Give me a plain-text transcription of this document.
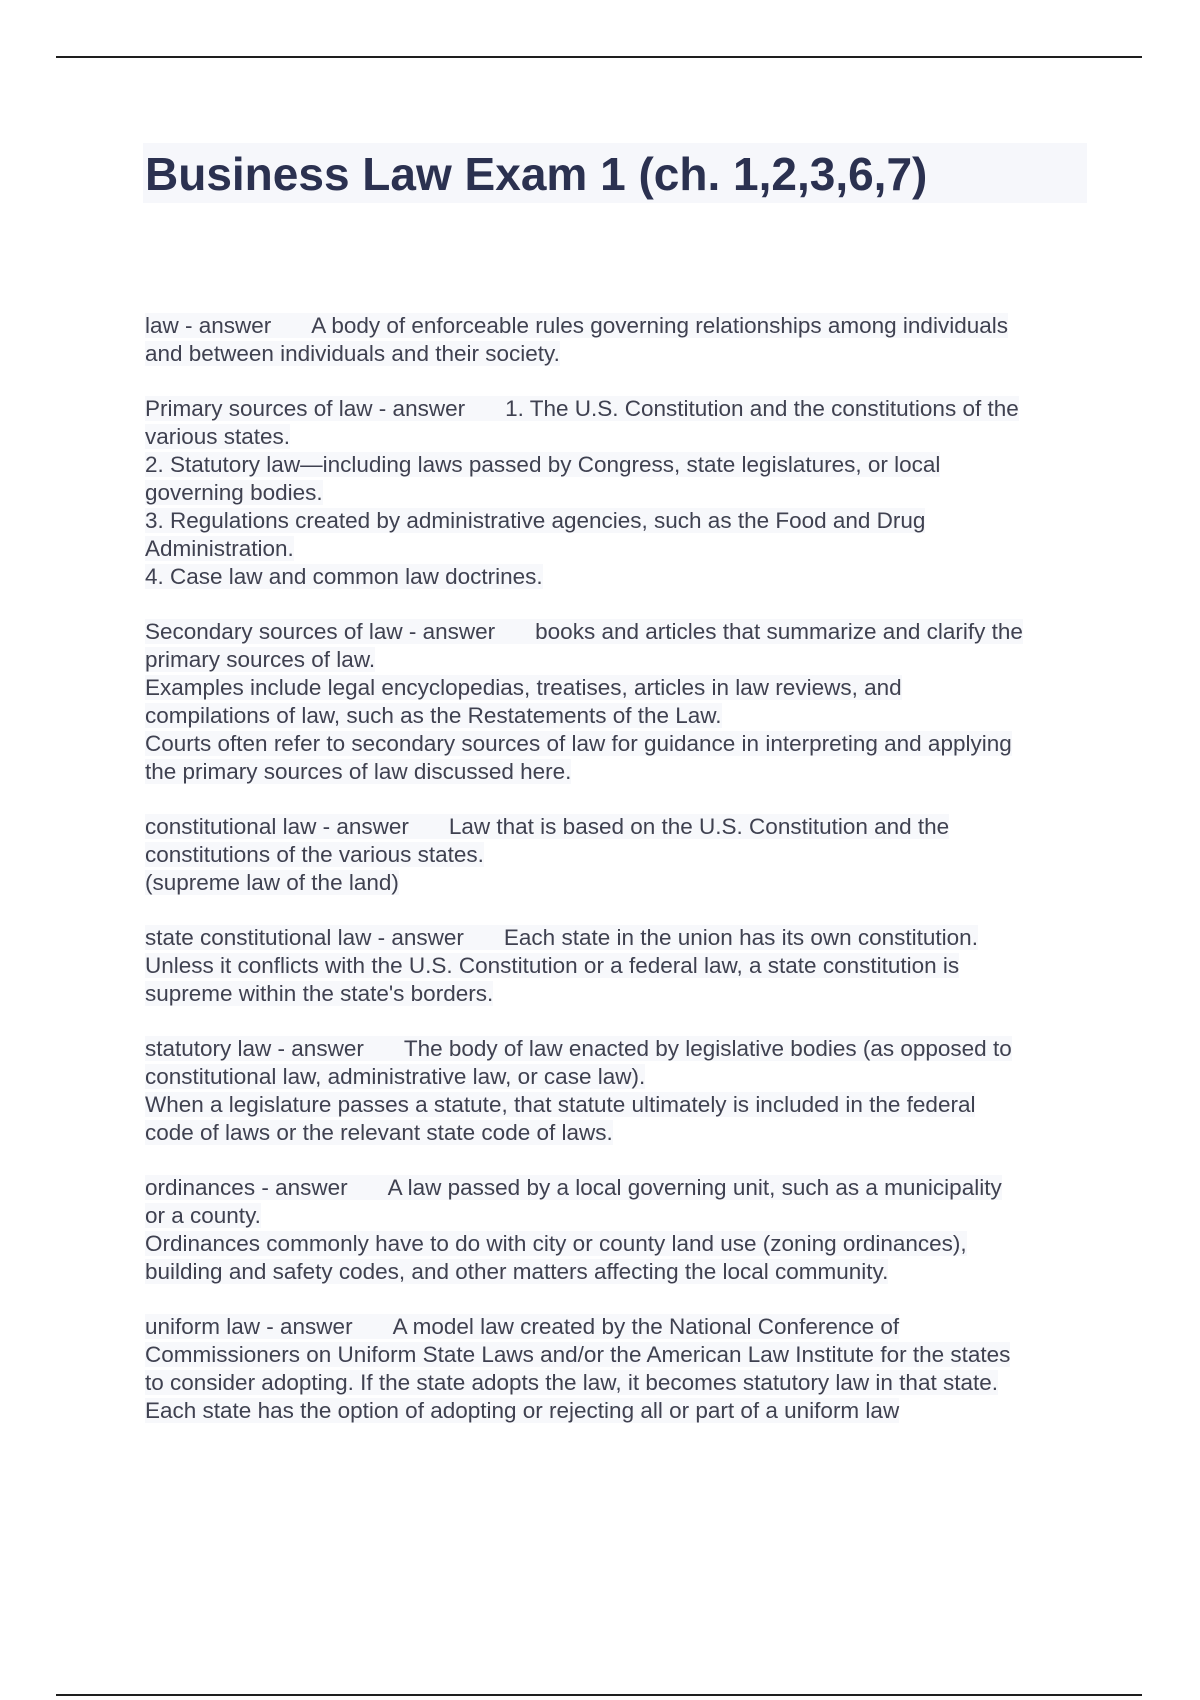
Business Law Exam 1 (ch. 1,2,3,6,7)
law - answer A body of enforceable rules governing relationships among individuals
and between individuals and their society.
Primary sources of law - answer 1. The U.S. Constitution and the constitutions of the
various states.
2. Statutory law—including laws passed by Congress, state legislatures, or local
governing bodies.
3. Regulations created by administrative agencies, such as the Food and Drug
Administration.
4. Case law and common law doctrines.
Secondary sources of law - answer books and articles that summarize and clarify the
primary sources of law.
Examples include legal encyclopedias, treatises, articles in law reviews, and
compilations of law, such as the Restatements of the Law.
Courts often refer to secondary sources of law for guidance in interpreting and applying
the primary sources of law discussed here.
constitutional law - answer Law that is based on the U.S. Constitution and the
constitutions of the various states.
(supreme law of the land)
state constitutional law - answer Each state in the union has its own constitution.
Unless it conflicts with the U.S. Constitution or a federal law, a state constitution is
supreme within the state's borders.
statutory law - answer The body of law enacted by legislative bodies (as opposed to
constitutional law, administrative law, or case law).
When a legislature passes a statute, that statute ultimately is included in the federal
code of laws or the relevant state code of laws.
ordinances - answer A law passed by a local governing unit, such as a municipality
or a county.
Ordinances commonly have to do with city or county land use (zoning ordinances),
building and safety codes, and other matters affecting the local community.
uniform law - answer A model law created by the National Conference of
Commissioners on Uniform State Laws and/or the American Law Institute for the states
to consider adopting. If the state adopts the law, it becomes statutory law in that state.
Each state has the option of adopting or rejecting all or part of a uniform law
